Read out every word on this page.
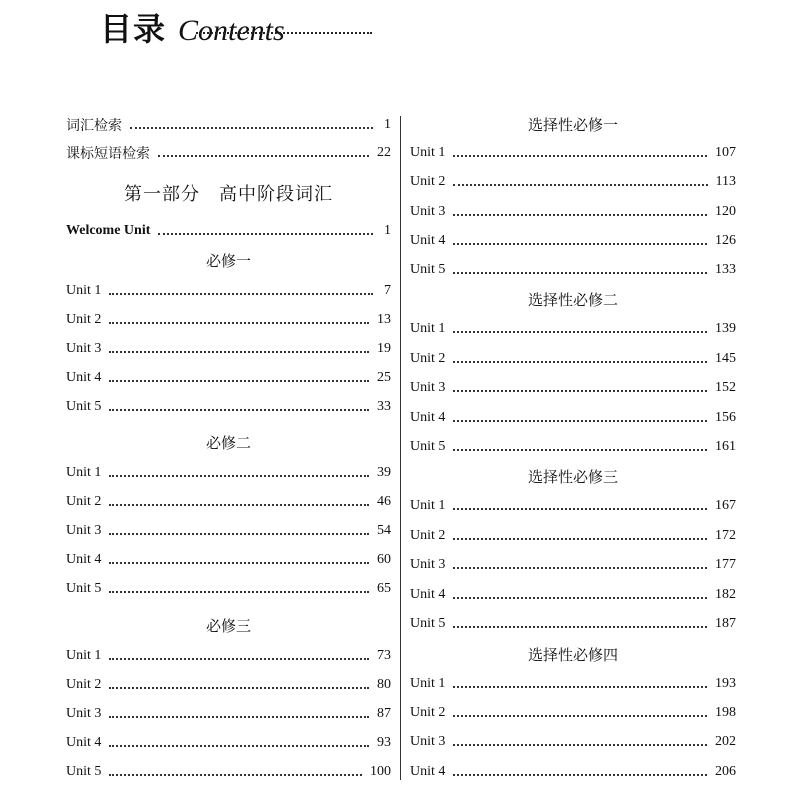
目录 Contents
词汇检索	1
课标短语检索	22
第一部分　高中阶段词汇
Welcome Unit	1
必修一
Unit 1	7
Unit 2	13
Unit 3	19
Unit 4	25
Unit 5	33
必修二
Unit 1	39
Unit 2	46
Unit 3	54
Unit 4	60
Unit 5	65
必修三
Unit 1	73
Unit 2	80
Unit 3	87
Unit 4	93
Unit 5	100
选择性必修一
Unit 1	107
Unit 2	113
Unit 3	120
Unit 4	126
Unit 5	133
选择性必修二
Unit 1	139
Unit 2	145
Unit 3	152
Unit 4	156
Unit 5	161
选择性必修三
Unit 1	167
Unit 2	172
Unit 3	177
Unit 4	182
Unit 5	187
选择性必修四
Unit 1	193
Unit 2	198
Unit 3	202
Unit 4	206
